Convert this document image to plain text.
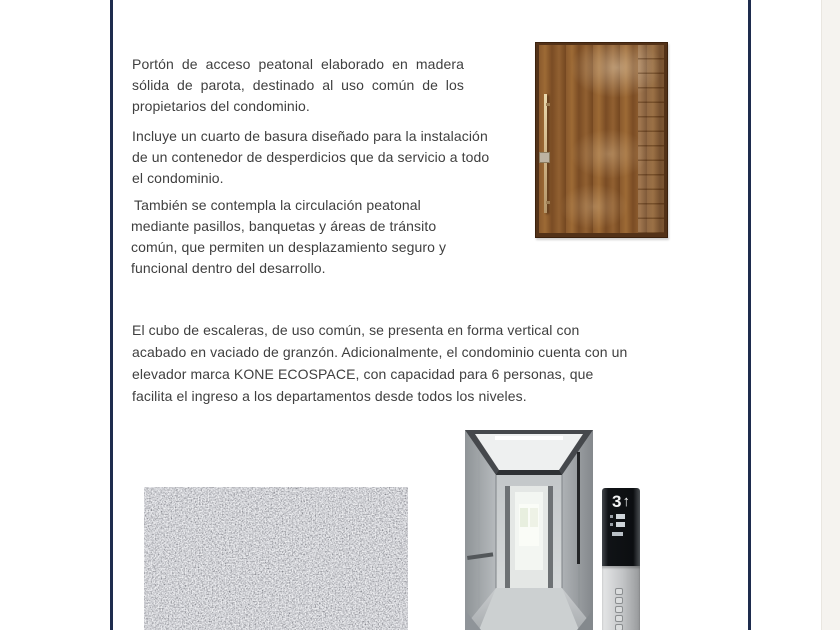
Portón de acceso peatonal elaborado en madera sólida de parota, destinado al uso común de los propietarios del condominio.

Incluye un cuarto de basura diseñado para la instalación de un contenedor de desperdicios que da servicio a todo el condominio.

También se contempla la circulación peatonal mediante pasillos, banquetas y áreas de tránsito común, que permiten un desplazamiento seguro y funcional dentro del desarrollo.

El cubo de escaleras, de uso común, se presenta en forma vertical con acabado en vaciado de granzón. Adicionalmente, el condominio cuenta con un elevador marca KONE ECOSPACE, con capacidad para 6 personas, que facilita el ingreso a los departamentos desde todos los niveles.

3 ↑
